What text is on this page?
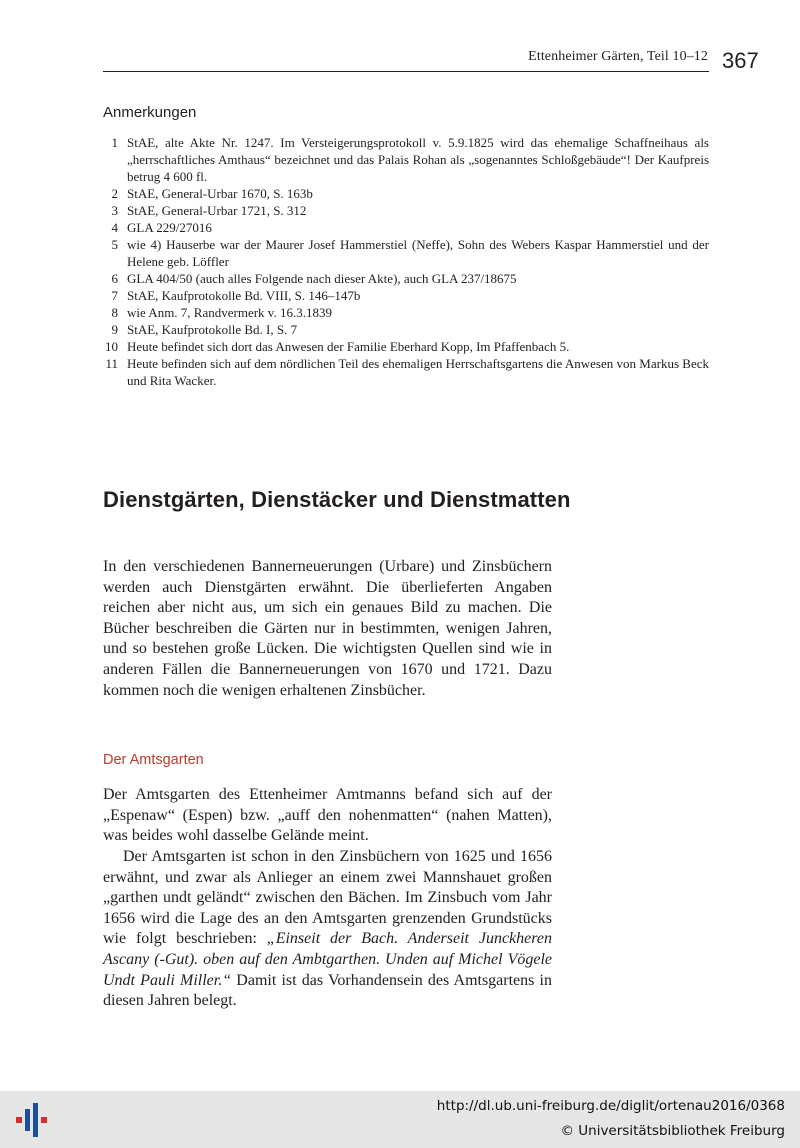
Ettenheimer Gärten, Teil 10–12 367
Anmerkungen
1 StAE, alte Akte Nr. 1247. Im Versteigerungsprotokoll v. 5.9.1825 wird das ehemalige Schaffneihaus als „herrschaftliches Amthaus“ bezeichnet und das Palais Rohan als „sogenanntes Schloßgebäude“! Der Kaufpreis betrug 4 600 fl.
2 StAE, General-Urbar 1670, S. 163b
3 StAE, General-Urbar 1721, S. 312
4 GLA 229/27016
5 wie 4) Hauserbe war der Maurer Josef Hammerstiel (Neffe), Sohn des Webers Kaspar Hammerstiel und der Helene geb. Löffler
6 GLA 404/50 (auch alles Folgende nach dieser Akte), auch GLA 237/18675
7 StAE, Kaufprotokolle Bd. VIII, S. 146–147b
8 wie Anm. 7, Randvermerk v. 16.3.1839
9 StAE, Kaufprotokolle Bd. I, S. 7
10 Heute befindet sich dort das Anwesen der Familie Eberhard Kopp, Im Pfaffenbach 5.
11 Heute befinden sich auf dem nördlichen Teil des ehemaligen Herrschaftsgartens die Anwesen von Markus Beck und Rita Wacker.
Dienstgärten, Dienstäcker und Dienstmatten

In den verschiedenen Bannerneuerungen (Urbare) und Zinsbüchern werden auch Dienstgärten erwähnt. Die überlieferten Angaben reichen aber nicht aus, um sich ein genaues Bild zu machen. Die Bücher beschreiben die Gärten nur in bestimmten, wenigen Jahren, und so bestehen große Lücken. Die wichtigsten Quellen sind wie in anderen Fällen die Bannerneuerungen von 1670 und 1721. Dazu kommen noch die wenigen erhaltenen Zinsbücher.

Der Amtsgarten

Der Amtsgarten des Ettenheimer Amtmanns befand sich auf der „Espenaw“ (Espen) bzw. „auff den nohenmatten“ (nahen Matten), was beides wohl dasselbe Gelände meint.

Der Amtsgarten ist schon in den Zinsbüchern von 1625 und 1656 erwähnt, und zwar als Anlieger an einem zwei Mannshauet großen „garthen undt geländt“ zwischen den Bächen. Im Zinsbuch vom Jahr 1656 wird die Lage des an den Amtsgarten grenzenden Grundstücks wie folgt beschrieben: „Einseit der Bach. Anderseit Junckheren Ascany (-Gut). oben auf den Ambtgarthen. Unden auf Michel Vögele Undt Pauli Miller.“ Damit ist das Vorhandensein des Amtsgartens in diesen Jahren belegt.

http://dl.ub.uni-freiburg.de/diglit/ortenau2016/0368
© Universitätsbibliothek Freiburg
